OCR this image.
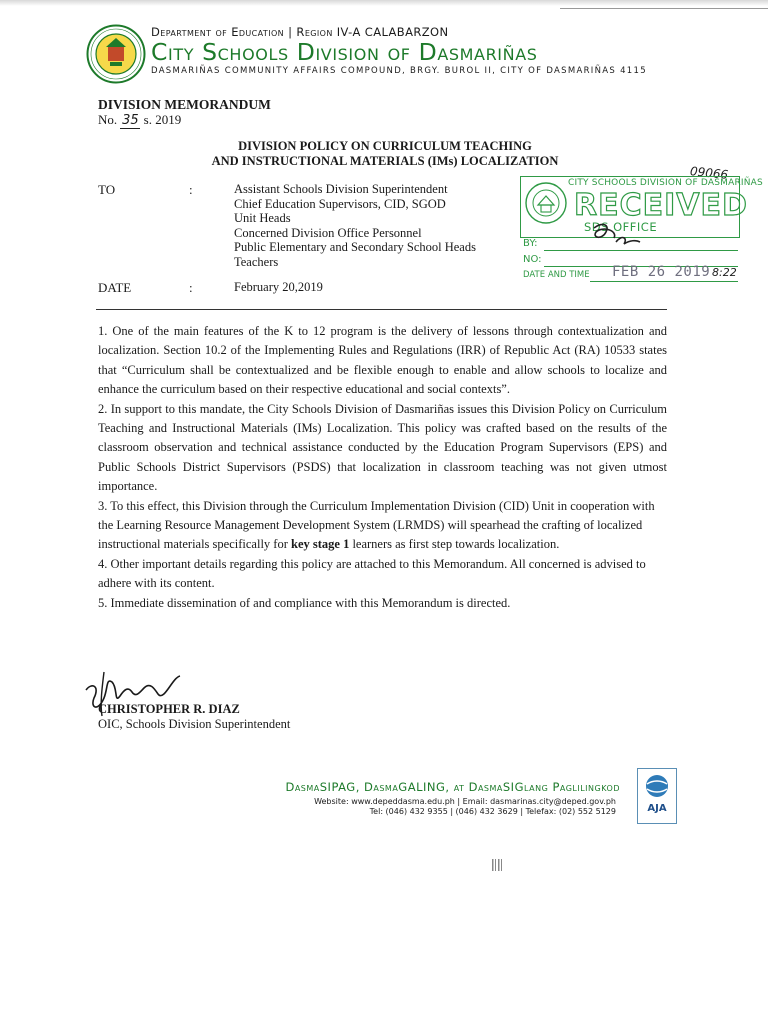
Department of Education | Region IV-A CALABARZON
City Schools Division of Dasmariñas
DASMARIÑAS COMMUNITY AFFAIRS COMPOUND, BRGY. BUROL II, CITY OF DASMARIÑAS 4115
DIVISION MEMORANDUM
No. 35 s. 2019
DIVISION POLICY ON CURRICULUM TEACHING
AND INSTRUCTIONAL MATERIALS (IMs) LOCALIZATION
TO	:	Assistant Schools Division Superintendent
Chief Education Supervisors, CID, SGOD
Unit Heads
Concerned Division Office Personnel
Public Elementary and Secondary School Heads
Teachers
DATE	:	February 20,2019
09066
CITY SCHOOLS DIVISION OF DASMARIÑAS
RECEIVED
SDS OFFICE
BY:
NO:
DATE AND TIME FEB 26 2019 8:22

1. One of the main features of the K to 12 program is the delivery of lessons through contextualization and localization. Section 10.2 of the Implementing Rules and Regulations (IRR) of Republic Act (RA) 10533 states that “Curriculum shall be contextualized and be flexible enough to enable and allow schools to localize and enhance the curriculum based on their respective educational and social contexts”.

2. In support to this mandate, the City Schools Division of Dasmariñas issues this Division Policy on Curriculum Teaching and Instructional Materials (IMs) Localization. This policy was crafted based on the results of the classroom observation and technical assistance conducted by the Education Program Supervisors (EPS) and Public Schools District Supervisors (PSDS) that localization in classroom teaching was not given utmost importance.

3. To this effect, this Division through the Curriculum Implementation Division (CID) Unit in cooperation with the Learning Resource Management Development System (LRMDS) will spearhead the crafting of localized instructional materials specifically for key stage 1 learners as first step towards localization.

4. Other important details regarding this policy are attached to this Memorandum. All concerned is advised to adhere with its content.

5. Immediate dissemination of and compliance with this Memorandum is directed.

CHRISTOPHER R. DIAZ
OIC, Schools Division Superintendent
DasmaSIPAG, DasmaGALING, at DasmaSIGlang Paglilingkod
Website: www.depeddasma.edu.ph | Email: dasmarinas.city@deped.gov.ph
Tel: (046) 432 9355 | (046) 432 3629 | Telefax: (02) 552 5129	AJA
